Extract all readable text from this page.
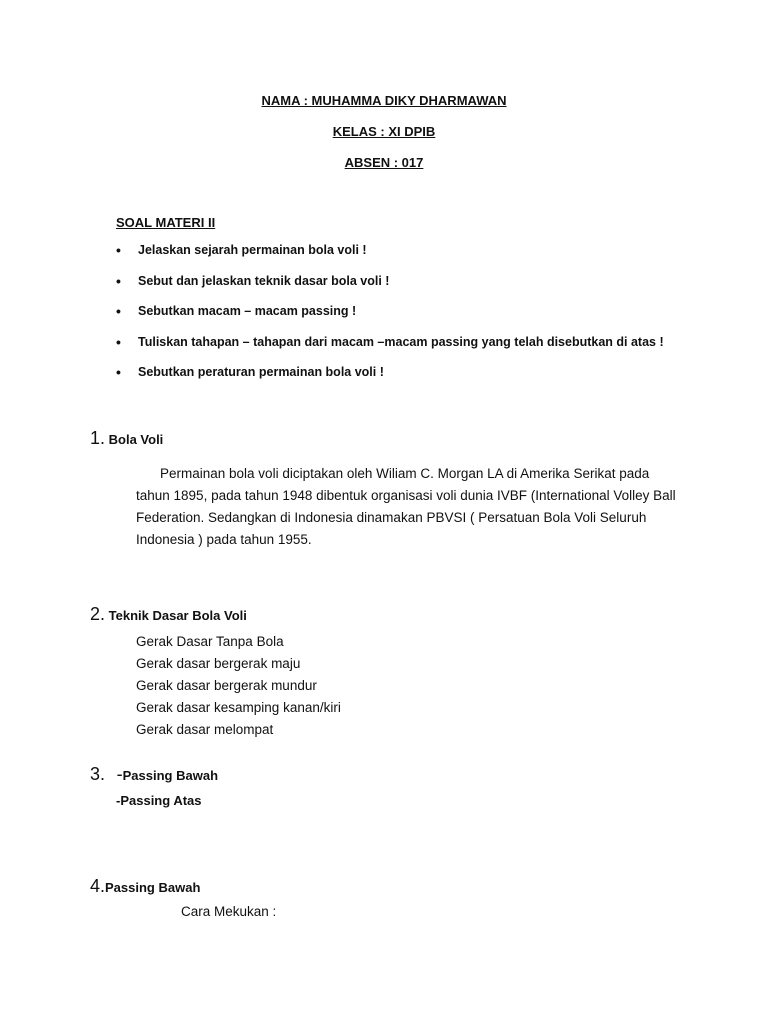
NAMA : MUHAMMA DIKY DHARMAWAN
KELAS : XI DPIB
ABSEN : 017
SOAL MATERI II
• Jelaskan sejarah permainan bola voli !
• Sebut dan jelaskan teknik dasar bola voli !
• Sebutkan macam – macam passing !
• Tuliskan tahapan – tahapan dari macam –macam passing yang telah disebutkan di atas !
• Sebutkan peraturan permainan bola voli !
1. Bola Voli
Permainan bola voli diciptakan oleh Wiliam C. Morgan LA di Amerika Serikat pada tahun 1895, pada tahun 1948 dibentuk organisasi voli dunia IVBF (International Volley Ball Federation. Sedangkan di Indonesia dinamakan PBVSI ( Persatuan Bola Voli Seluruh Indonesia ) pada tahun 1955.
2. Teknik Dasar Bola Voli
Gerak Dasar Tanpa Bola
Gerak dasar bergerak maju
Gerak dasar bergerak mundur
Gerak dasar kesamping kanan/kiri
Gerak dasar melompat
3. -Passing Bawah
-Passing Atas
4.Passing Bawah
Cara Mekukan :
